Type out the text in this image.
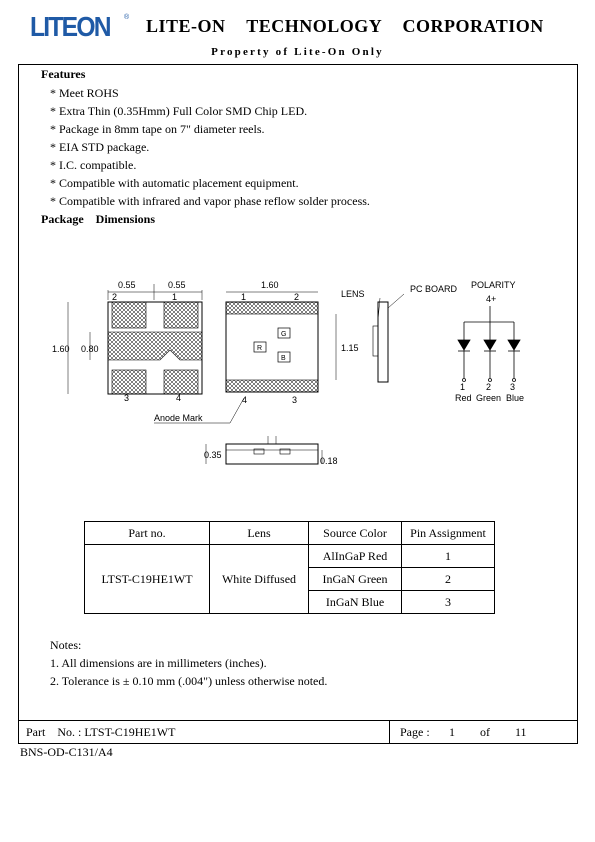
LITEON ® LITE-ON TECHNOLOGY CORPORATION
Property of Lite-On Only
Features
* Meet ROHS
* Extra Thin (0.35Hmm) Full Color SMD Chip LED.
* Package in 8mm tape on 7" diameter reels.
* EIA STD package.
* I.C. compatible.
* Compatible with automatic placement equipment.
* Compatible with infrared and vapor phase reflow solder process.
Package    Dimensions
0.55	0.55
1.60 0.80
2	1
3	4
1.60
1.15
1	2
4	3
G
R
B
Anode Mark
LENS	PC BOARD POLARITY
4+
1 2 3
Red Green Blue
0.35
0.18
Part no.	Lens	Source Color	Pin Assignment
LTST-C19HE1WT	White Diffused	AlInGaP Red	1
		InGaN Green	2
		InGaN Blue	3
Notes:
1. All dimensions are in millimeters (inches).
2. Tolerance is ± 0.10 mm (.004") unless otherwise noted.
Part    No. : LTST-C19HE1WT	Page : 1 of 11
BNS-OD-C131/A4
